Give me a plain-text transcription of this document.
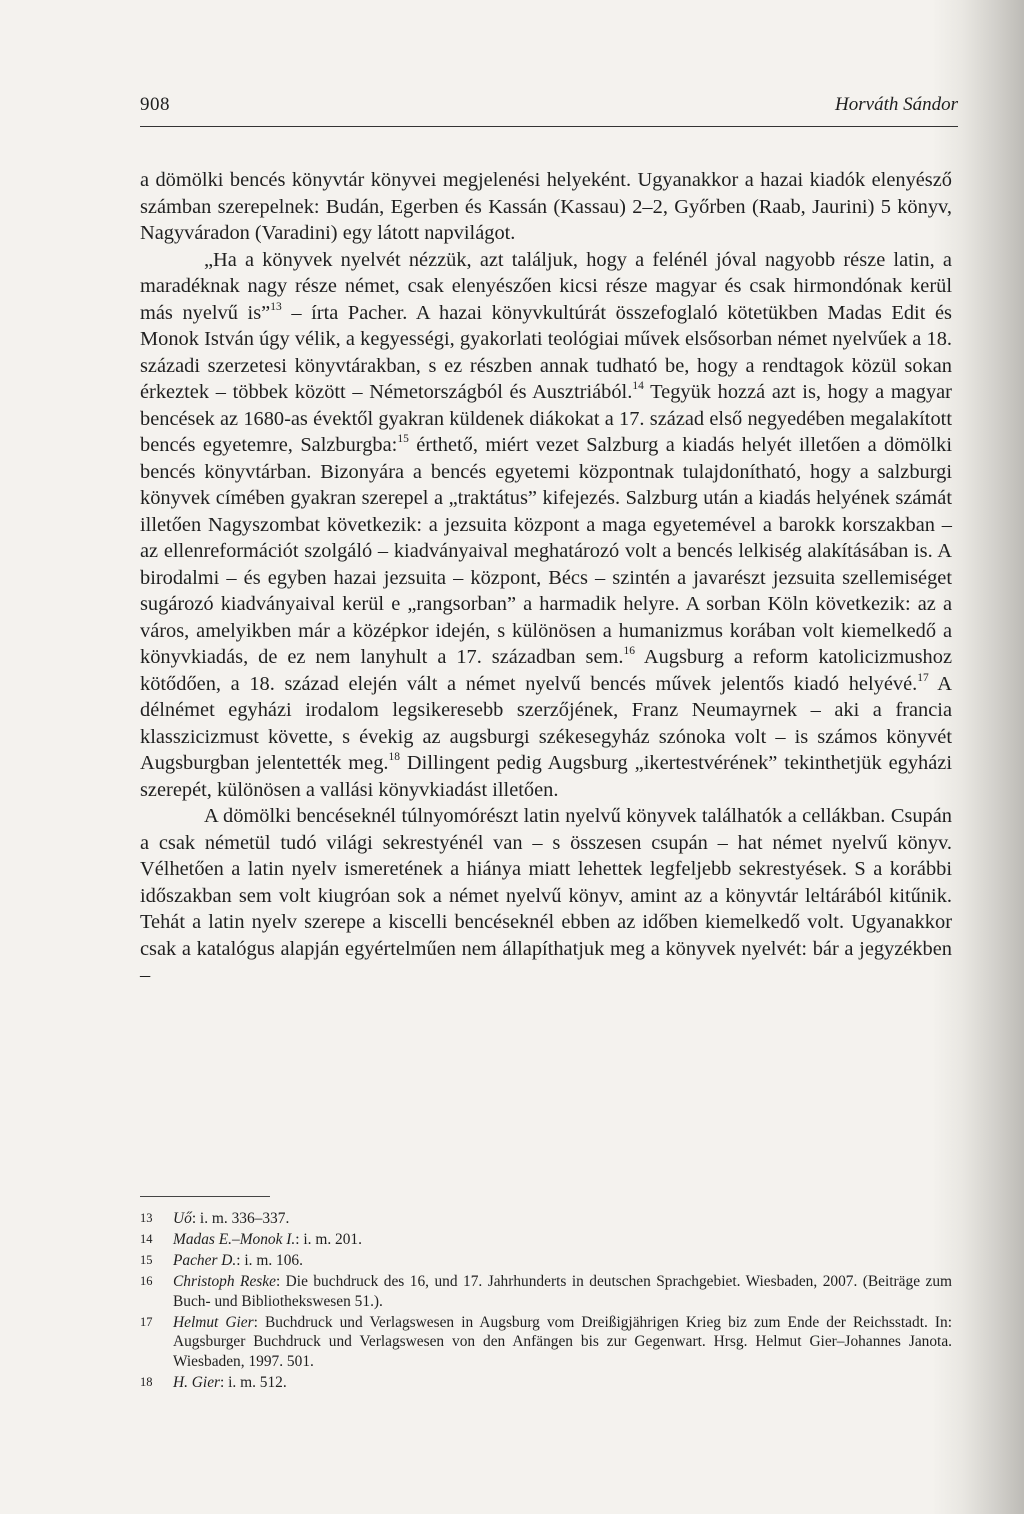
908	Horváth Sándor

a dömölki bencés könyvtár könyvei megjelenési helyeként. Ugyanakkor a hazai kiadók elenyésző számban szerepelnek: Budán, Egerben és Kassán (Kassau) 2–2, Győrben (Raab, Jaurini) 5 könyv, Nagyváradon (Varadini) egy látott napvilágot.

„Ha a könyvek nyelvét nézzük, azt találjuk, hogy a felénél jóval nagyobb része latin, a maradéknak nagy része német, csak elenyészően kicsi része magyar és csak hirmondónak kerül más nyelvű is”$^{13}$ – írta Pacher. A hazai könyvkultúrát összefoglaló kötetükben Madas Edit és Monok István úgy vélik, a kegyességi, gyakorlati teológiai művek elsősorban német nyelvűek a 18. századi szerzetesi könyvtárakban, s ez részben annak tudható be, hogy a rendtagok közül sokan érkeztek – többek között – Németországból és Ausztriából.$^{14}$ Tegyük hozzá azt is, hogy a magyar bencések az 1680-as évektől gyakran küldenek diákokat a 17. század első negyedében megalakított bencés egyetemre, Salzburgba:$^{15}$ érthető, miért vezet Salzburg a kiadás helyét illetően a dömölki bencés könyvtárban. Bizonyára a bencés egyetemi központnak tulajdonítható, hogy a salzburgi könyvek címében gyakran szerepel a „traktátus” kifejezés. Salzburg után a kiadás helyének számát illetően Nagyszombat következik: a jezsuita központ a maga egyetemével a barokk korszakban – az ellenreformációt szolgáló – kiadványaival meghatározó volt a bencés lelkiség alakításában is. A birodalmi – és egyben hazai jezsuita – központ, Bécs – szintén a javarészt jezsuita szellemiséget sugározó kiadványaival kerül e „rangsorban” a harmadik helyre. A sorban Köln következik: az a város, amelyikben már a középkor idején, s különösen a humanizmus korában volt kiemelkedő a könyvkiadás, de ez nem lanyhult a 17. században sem.$^{16}$ Augsburg a reform katolicizmushoz kötődően, a 18. század elején vált a német nyelvű bencés művek jelentős kiadó helyévé.$^{17}$ A délnémet egyházi irodalom legsikeresebb szerzőjének, Franz Neumayrnek – aki a francia klasszicizmust követte, s évekig az augsburgi székesegyház szónoka volt – is számos könyvét Augsburgban jelentették meg.$^{18}$ Dillingent pedig Augsburg „ikertestvérének” tekinthetjük egyházi szerepét, különösen a vallási könyvkiadást illetően.

A dömölki bencéseknél túlnyomórészt latin nyelvű könyvek találhatók a cellákban. Csupán a csak németül tudó világi sekrestyénél van – s összesen csupán – hat német nyelvű könyv. Vélhetően a latin nyelv ismeretének a hiánya miatt lehettek legfeljebb sekrestyések. S a korábbi időszakban sem volt kiugróan sok a német nyelvű könyv, amint az a könyvtár leltárából kitűnik. Tehát a latin nyelv szerepe a kiscelli bencéseknél ebben az időben kiemelkedő volt. Ugyanakkor csak a katalógus alapján egyértelműen nem állapíthatjuk meg a könyvek nyelvét: bár a jegyzékben –

13 Uő: i. m. 336–337.
14 Madas E.–Monok I.: i. m. 201.
15 Pacher D.: i. m. 106.
16 Christoph Reske: Die buchdruck des 16, und 17. Jahrhunderts in deutschen Sprachgebiet. Wiesbaden, 2007. (Beiträge zum Buch- und Bibliothekswesen 51.).
17 Helmut Gier: Buchdruck und Verlagswesen in Augsburg vom Dreißigjährigen Krieg biz zum Ende der Reichsstadt. In: Augsburger Buchdruck und Verlagswesen von den Anfängen bis zur Gegenwart. Hrsg. Helmut Gier–Johannes Janota. Wiesbaden, 1997. 501.
18 H. Gier: i. m. 512.
